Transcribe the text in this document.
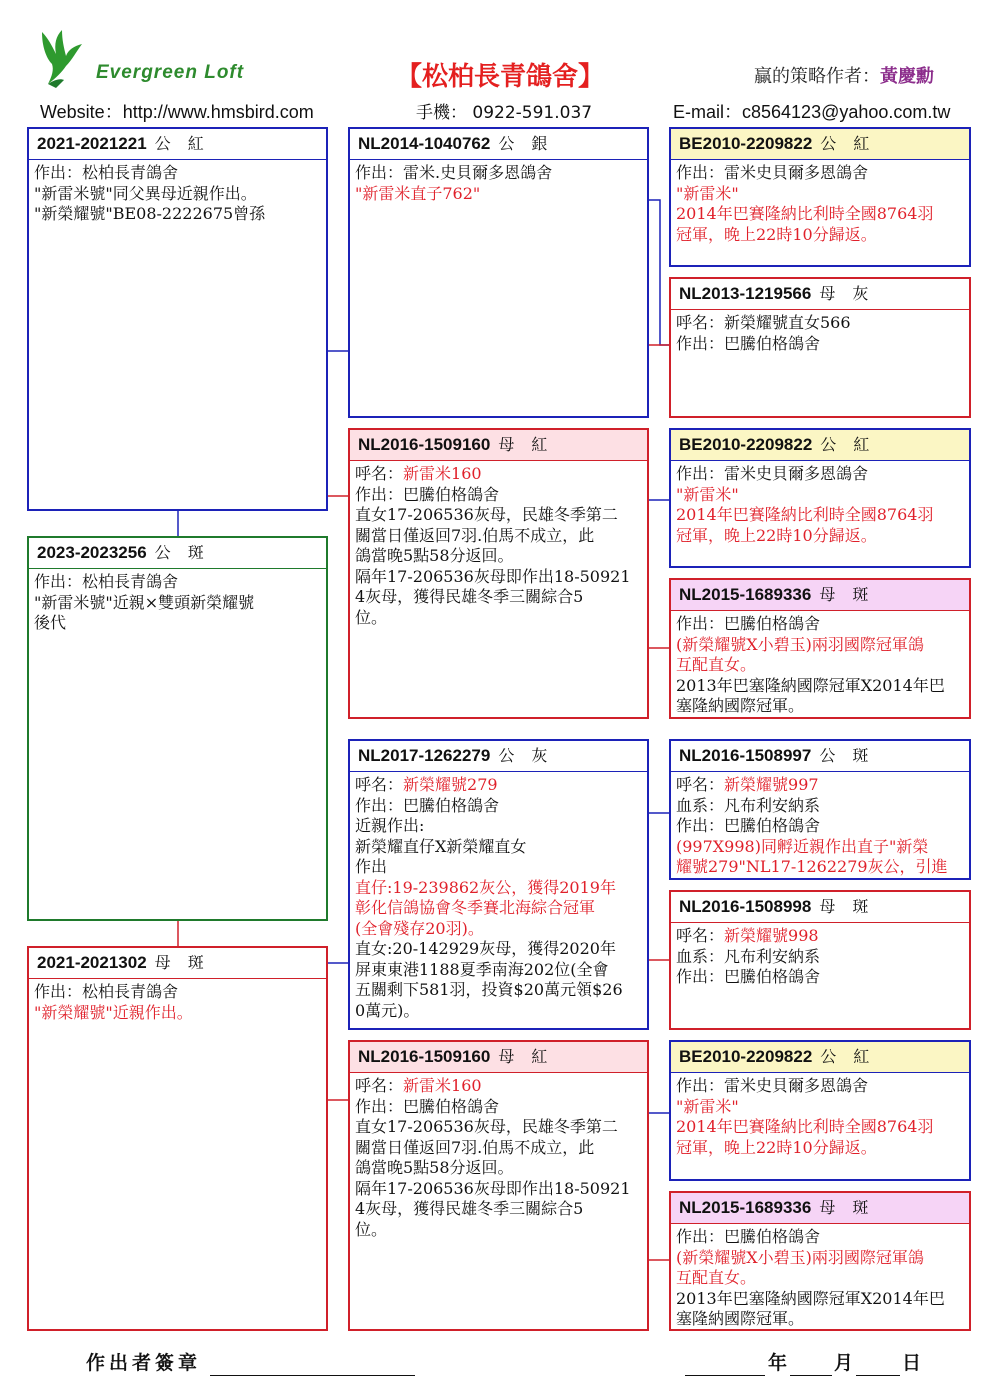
Evergreen Loft	【松柏長青鴿舍】	贏的策略作者：黃慶勳
Website：http://www.hmsbird.com	手機： 0922-591.037	E-mail：c8564123@yahoo.com.tw
2021-2021221 公 紅
作出：松柏長青鴿舍
"新雷米號"同父異母近親作出。
"新榮耀號"BE08-2222675曾孫
2023-2023256 公 斑
作出：松柏長青鴿舍
"新雷米號"近親×雙頭新榮耀號
後代
2021-2021302 母 斑
作出：松柏長青鴿舍
"新榮耀號"近親作出。
NL2014-1040762 公 銀
作出：雷米.史貝爾多恩鴿舍
"新雷米直子762"
NL2016-1509160 母 紅
呼名：新雷米160
作出：巴騰伯格鴿舍
直女17-206536灰母，民雄冬季第二
關當日僅返回7羽.伯馬不成立，此
鴿當晚5點58分返回。
隔年17-206536灰母即作出18-50921
4灰母，獲得民雄冬季三關綜合5
位。
NL2017-1262279 公 灰
呼名：新榮耀號279
作出：巴騰伯格鴿舍
近親作出:
新榮耀直仔X新榮耀直女
作出
直仔:19-239862灰公，獲得2019年
彰化信鴿協會冬季賽北海綜合冠軍
(全會殘存20羽)。
直女:20-142929灰母，獲得2020年
屏東東港1188夏季南海202位(全會
五關剩下581羽，投資$20萬元領$26
0萬元)。
NL2016-1509160 母 紅
呼名：新雷米160
作出：巴騰伯格鴿舍
直女17-206536灰母，民雄冬季第二
關當日僅返回7羽.伯馬不成立，此
鴿當晚5點58分返回。
隔年17-206536灰母即作出18-50921
4灰母，獲得民雄冬季三關綜合5
位。
BE2010-2209822 公 紅
作出：雷米史貝爾多恩鴿舍
"新雷米"
2014年巴賽隆納比利時全國8764羽
冠軍，晚上22時10分歸返。
NL2013-1219566 母 灰
呼名：新榮耀號直女566
作出：巴騰伯格鴿舍
BE2010-2209822 公 紅
作出：雷米史貝爾多恩鴿舍
"新雷米"
2014年巴賽隆納比利時全國8764羽
冠軍，晚上22時10分歸返。
NL2015-1689336 母 斑
作出：巴騰伯格鴿舍
(新榮耀號X小碧玉)兩羽國際冠軍鴿
互配直女。
2013年巴塞隆納國際冠軍X2014年巴
塞隆納國際冠軍。
NL2016-1508997 公 斑
呼名：新榮耀號997
血系：凡布利安納系
作出：巴騰伯格鴿舍
(997X998)同孵近親作出直子"新榮
耀號279"NL17-1262279灰公，引進
NL2016-1508998 母 斑
呼名：新榮耀號998
血系：凡布利安納系
作出：巴騰伯格鴿舍
BE2010-2209822 公 紅
作出：雷米史貝爾多恩鴿舍
"新雷米"
2014年巴賽隆納比利時全國8764羽
冠軍，晚上22時10分歸返。
NL2015-1689336 母 斑
作出：巴騰伯格鴿舍
(新榮耀號X小碧玉)兩羽國際冠軍鴿
互配直女。
2013年巴塞隆納國際冠軍X2014年巴
塞隆納國際冠軍。
作出者簽章	年 月	日
